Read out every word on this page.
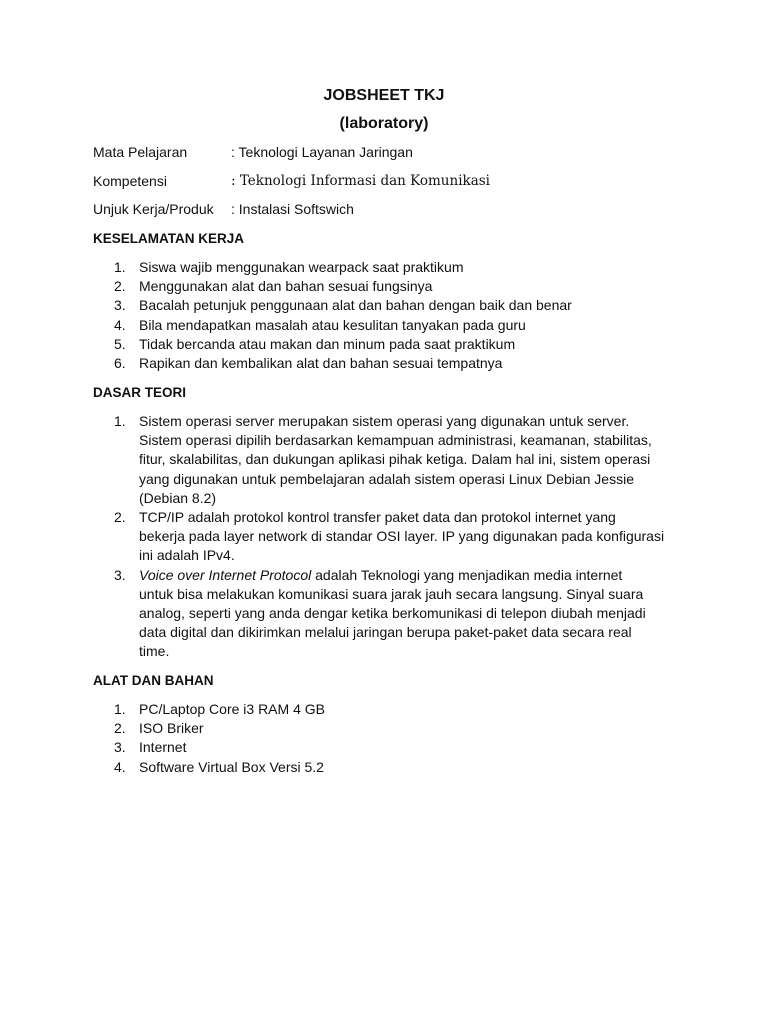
JOBSHEET TKJ
(laboratory)
Mata Pelajaran	: Teknologi Layanan Jaringan
Kompetensi	: Teknologi Informasi dan Komunikasi
Unjuk Kerja/Produk : Instalasi Softswich
KESELAMATAN KERJA
1. Siswa wajib menggunakan wearpack saat praktikum
2. Menggunakan alat dan bahan sesuai fungsinya
3. Bacalah petunjuk penggunaan alat dan bahan dengan baik dan benar
4. Bila mendapatkan masalah atau kesulitan tanyakan pada guru
5. Tidak bercanda atau makan dan minum pada saat praktikum
6. Rapikan dan kembalikan alat dan bahan sesuai tempatnya
DASAR TEORI
1. Sistem operasi server merupakan sistem operasi yang digunakan untuk server.
Sistem operasi dipilih berdasarkan kemampuan administrasi, keamanan, stabilitas,
fitur, skalabilitas, dan dukungan aplikasi pihak ketiga. Dalam hal ini, sistem operasi
yang digunakan untuk pembelajaran adalah sistem operasi Linux Debian Jessie
(Debian 8.2)
2. TCP/IP adalah protokol kontrol transfer paket data dan protokol internet yang
bekerja pada layer network di standar OSI layer. IP yang digunakan pada konfigurasi
ini adalah IPv4.
3. Voice over Internet Protocol adalah Teknologi yang menjadikan media internet
untuk bisa melakukan komunikasi suara jarak jauh secara langsung. Sinyal suara
analog, seperti yang anda dengar ketika berkomunikasi di telepon diubah menjadi
data digital dan dikirimkan melalui jaringan berupa paket-paket data secara real
time.
ALAT DAN BAHAN
1. PC/Laptop Core i3 RAM 4 GB
2. ISO Briker
3. Internet
4. Software Virtual Box Versi 5.2
